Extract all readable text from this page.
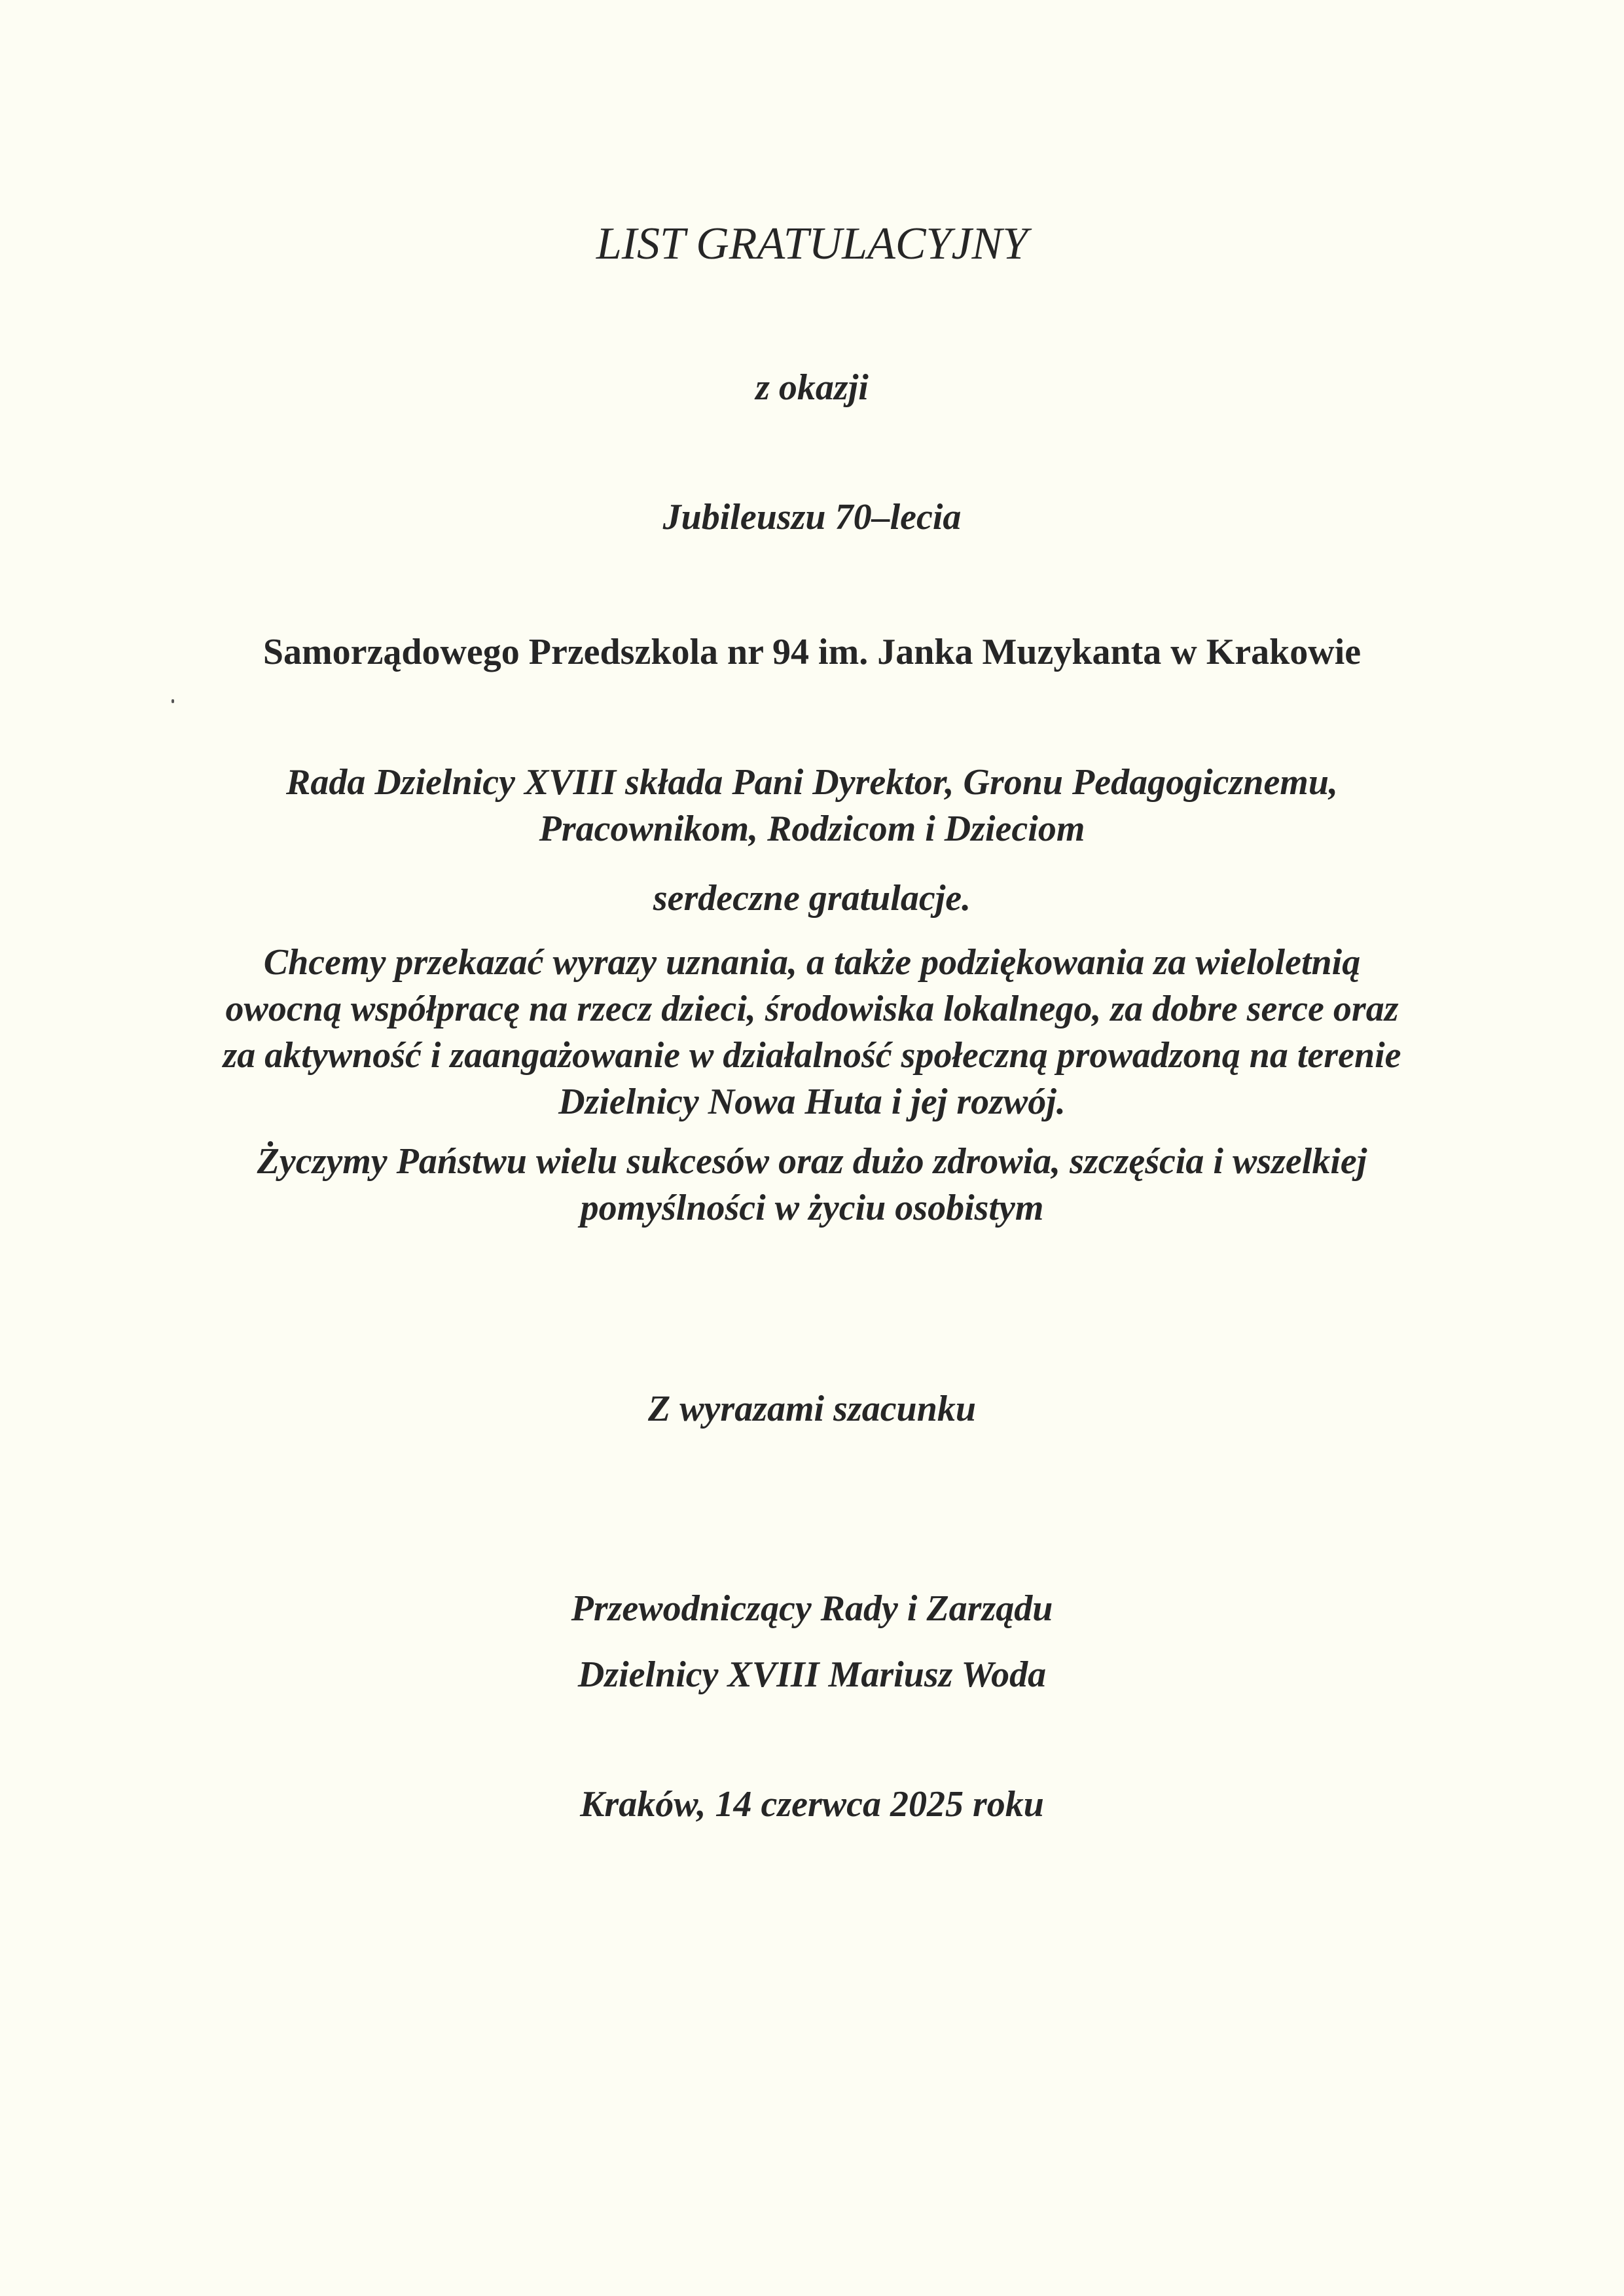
LIST GRATULACYJNY
z okazji
Jubileuszu 70–lecia
Samorządowego Przedszkola nr 94 im. Janka Muzykanta w Krakowie
Rada Dzielnicy XVIII składa Pani Dyrektor, Gronu Pedagogicznemu,
Pracownikom, Rodzicom i Dzieciom
serdeczne gratulacje.
Chcemy przekazać wyrazy uznania, a także podziękowania za wieloletnią
owocną współpracę na rzecz dzieci, środowiska lokalnego, za dobre serce oraz
za aktywność i zaangażowanie w działalność społeczną prowadzoną na terenie
Dzielnicy Nowa Huta i jej rozwój.
Życzymy Państwu wielu sukcesów oraz dużo zdrowia, szczęścia i wszelkiej
pomyślności w życiu osobistym
Z wyrazami szacunku
Przewodniczący Rady i Zarządu
Dzielnicy XVIII Mariusz Woda
Kraków, 14 czerwca 2025 roku
